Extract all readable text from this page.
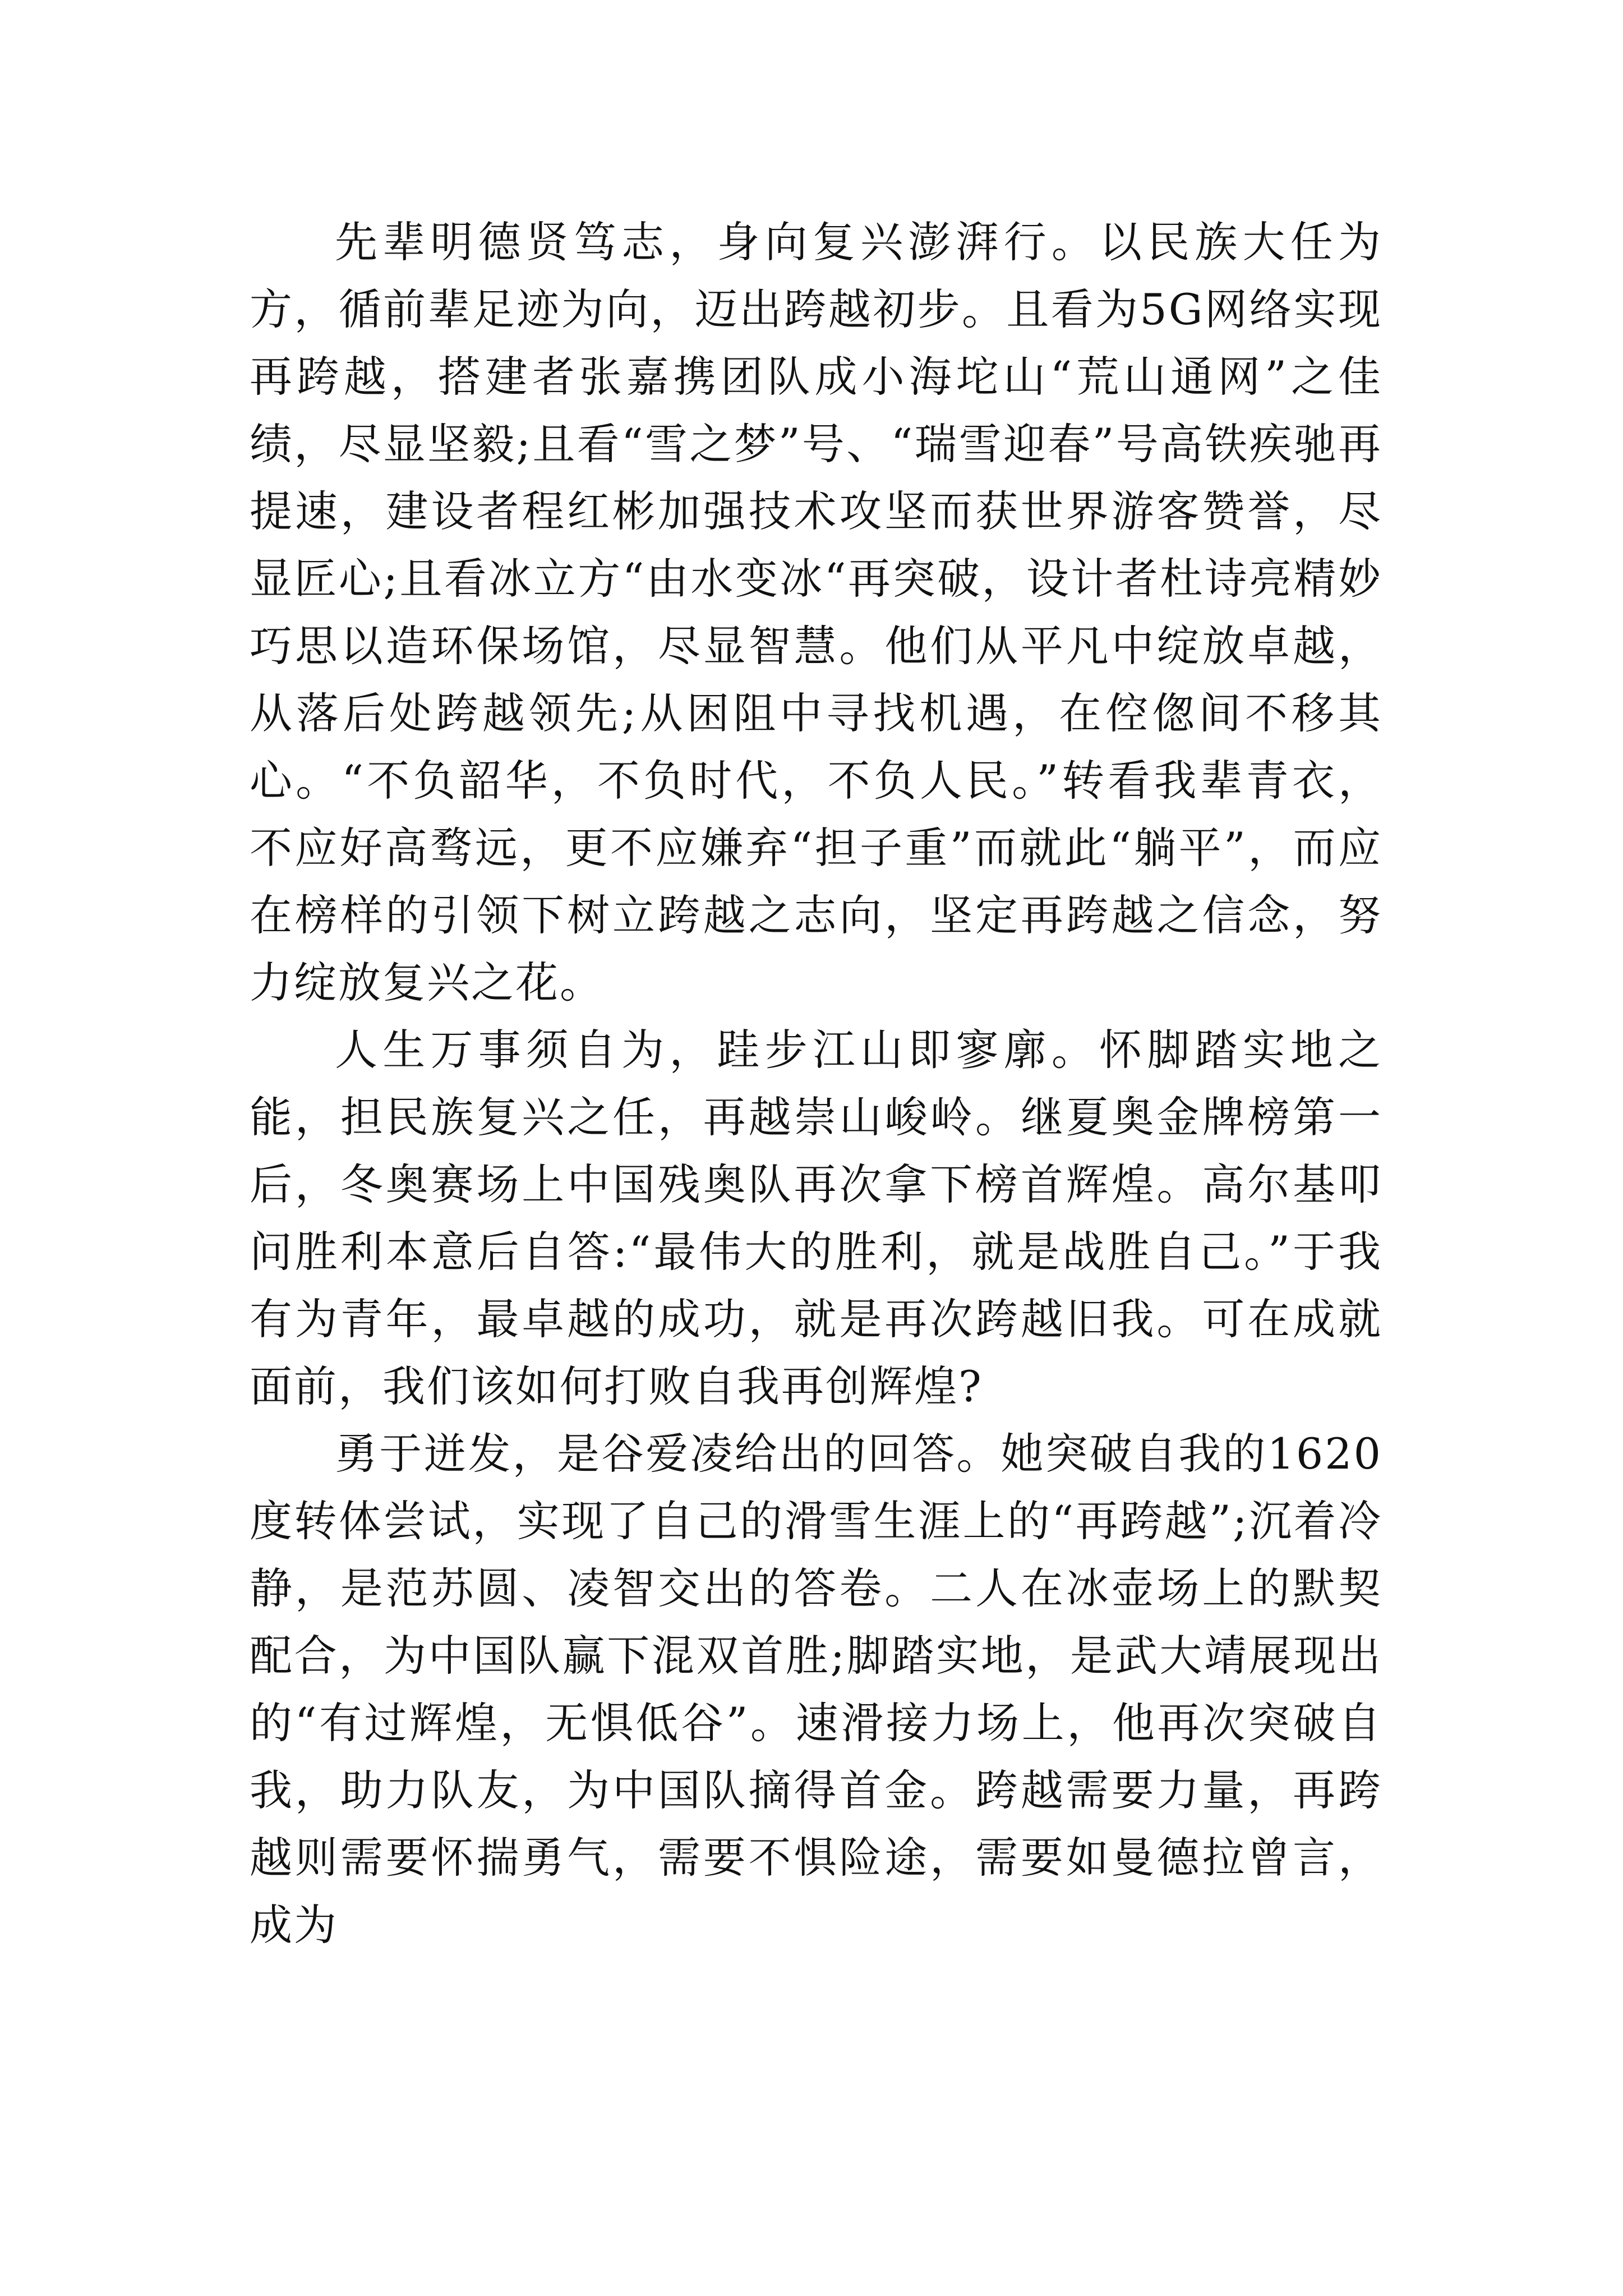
先辈明德贤笃志，身向复兴澎湃行。以民族大任为方，循前辈足迹为向，迈出跨越初步。且看为5G网络实现再跨越，搭建者张嘉携团队成小海坨山“荒山通网”之佳绩，尽显坚毅;且看“雪之梦”号、“瑞雪迎春”号高铁疾驰再提速，建设者程红彬加强技术攻坚而获世界游客赞誉，尽显匠心;且看冰立方“由水变冰“再突破，设计者杜诗亮精妙巧思以造环保场馆，尽显智慧。他们从平凡中绽放卓越，从落后处跨越领先;从困阻中寻找机遇，在倥偬间不移其心。“不负韶华，不负时代，不负人民。”转看我辈青衣，不应好高骛远，更不应嫌弃“担子重”而就此“躺平”，而应在榜样的引领下树立跨越之志向，坚定再跨越之信念，努力绽放复兴之花。

人生万事须自为，跬步江山即寥廓。怀脚踏实地之能，担民族复兴之任，再越崇山峻岭。继夏奥金牌榜第一后，冬奥赛场上中国残奥队再次拿下榜首辉煌。高尔基叩问胜利本意后自答:“最伟大的胜利，就是战胜自己。”于我有为青年，最卓越的成功，就是再次跨越旧我。可在成就面前，我们该如何打败自我再创辉煌?

勇于迸发，是谷爱凌给出的回答。她突破自我的1620度转体尝试，实现了自己的滑雪生涯上的“再跨越”;沉着冷静，是范苏圆、凌智交出的答卷。二人在冰壶场上的默契配合，为中国队赢下混双首胜;脚踏实地，是武大靖展现出的“有过辉煌，无惧低谷”。速滑接力场上，他再次突破自我，助力队友，为中国队摘得首金。跨越需要力量，再跨越则需要怀揣勇气，需要不惧险途，需要如曼德拉曾言，成为
